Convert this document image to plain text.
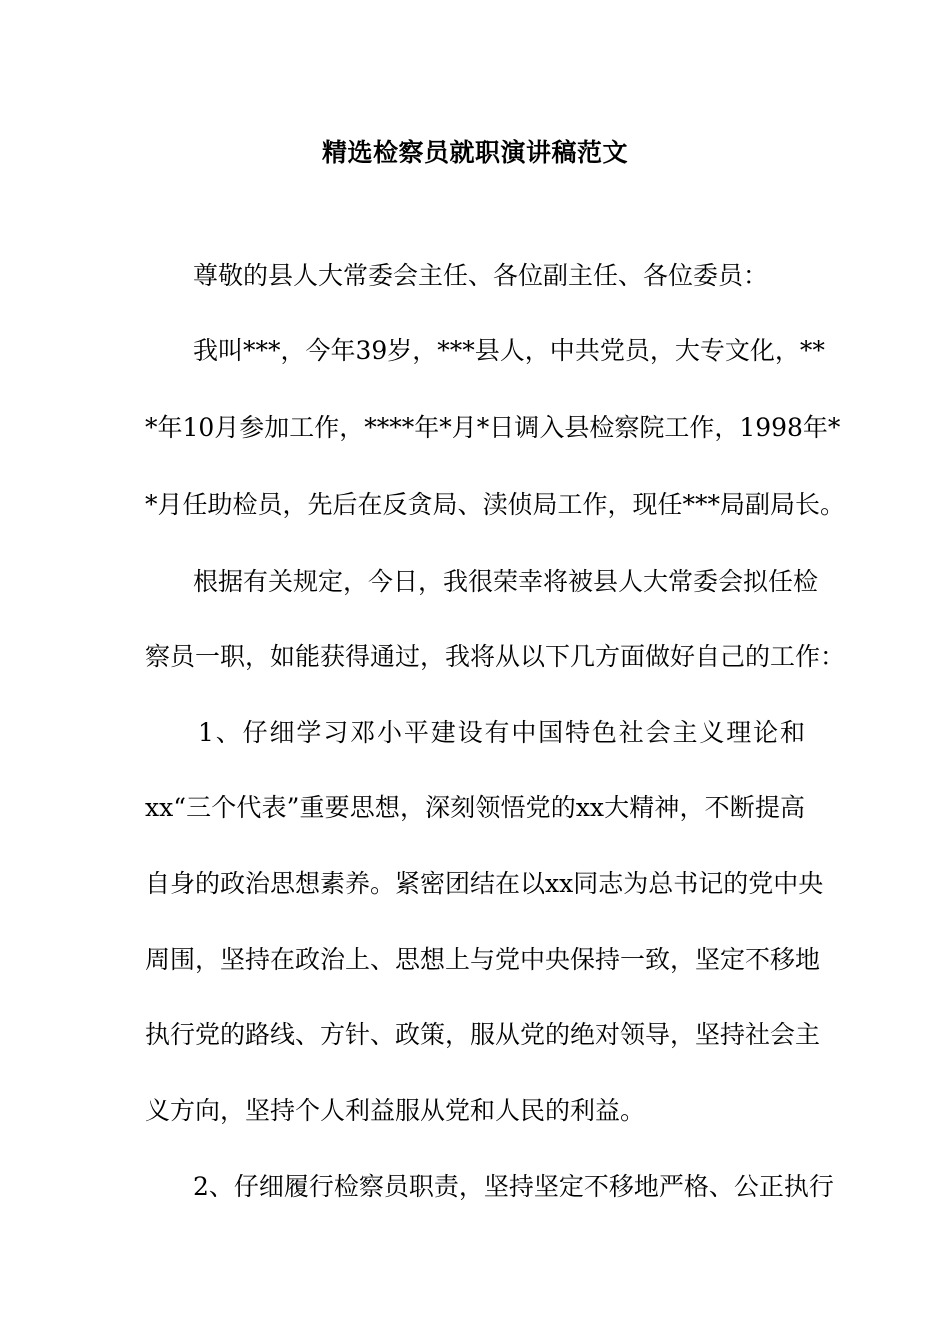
精选检察员就职演讲稿范文
尊敬的县人大常委会主任、各位副主任、各位委员：
我叫***，今年39岁，***县人，中共党员，大专文化，**
*年10月参加工作，****年*月*日调入县检察院工作，1998年*
*月任助检员，先后在反贪局、渎侦局工作，现任***局副局长。
根据有关规定，今日，我很荣幸将被县人大常委会拟任检
察员一职，如能获得通过，我将从以下几方面做好自己的工作：
1、仔细学习邓小平建设有中国特色社会主义理论和
xx“三个代表”重要思想，深刻领悟党的xx大精神，不断提高
自身的政治思想素养。紧密团结在以xx同志为总书记的党中央
周围，坚持在政治上、思想上与党中央保持一致，坚定不移地
执行党的路线、方针、政策，服从党的绝对领导，坚持社会主
义方向，坚持个人利益服从党和人民的利益。
2、仔细履行检察员职责，坚持坚定不移地严格、公正执行
